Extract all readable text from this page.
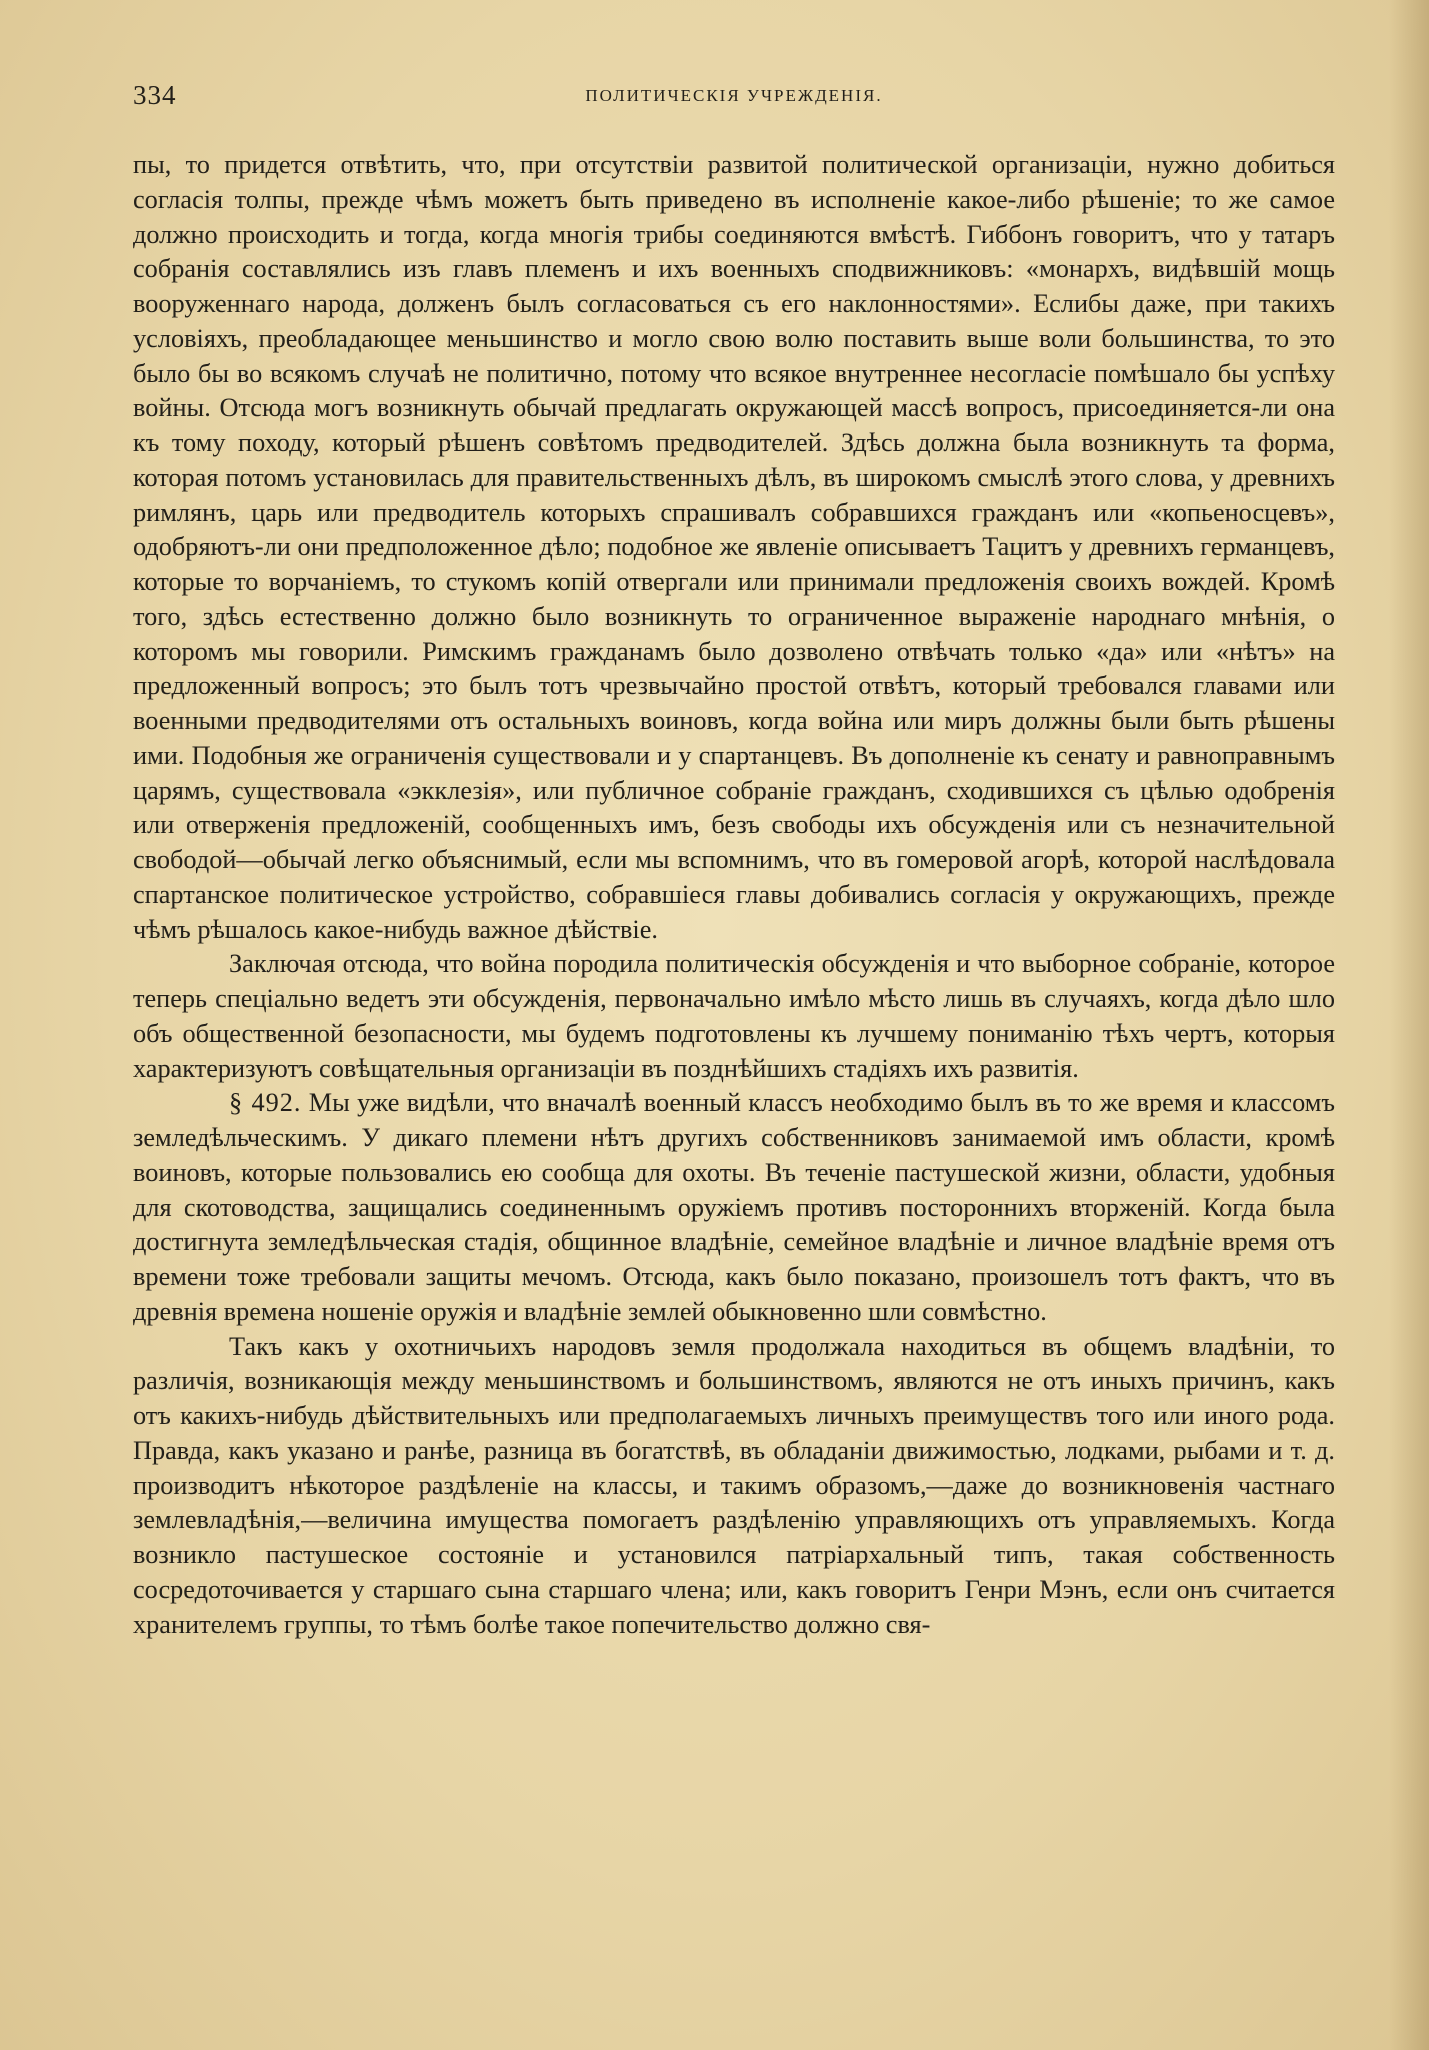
334	ПОЛИТИЧЕСКІЯ УЧРЕЖДЕНІЯ.

пы, то придется отвѣтить, что, при отсутствіи развитой политической организаціи, нужно добиться согласія толпы, прежде чѣмъ можетъ быть приведено въ исполненіе какое-либо рѣшеніе; то же самое должно происходить и тогда, когда многія трибы соединяются вмѣстѣ. Гиббонъ говоритъ, что у татаръ собранія составлялись изъ главъ племенъ и ихъ военныхъ сподвижниковъ: «монархъ, видѣвшій мощь вооруженнаго народа, долженъ былъ согласоваться съ его наклонностями». Еслибы даже, при такихъ условіяхъ, преобладающее меньшинство и могло свою волю поставить выше воли большинства, то это было бы во всякомъ случаѣ не политично, потому что всякое внутреннее несогласіе помѣшало бы успѣху войны. Отсюда могъ возникнуть обычай предлагать окружающей массѣ вопросъ, присоединяется-ли она къ тому походу, который рѣшенъ совѣтомъ предводителей. Здѣсь должна была возникнуть та форма, которая потомъ установилась для правительственныхъ дѣлъ, въ широкомъ смыслѣ этого слова, у древнихъ римлянъ, царь или предводитель которыхъ спрашивалъ собравшихся гражданъ или «копьеносцевъ», одобряютъ-ли они предположенное дѣло; подобное же явленіе описываетъ Тацитъ у древнихъ германцевъ, которые то ворчаніемъ, то стукомъ копій отвергали или принимали предложенія своихъ вождей. Кромѣ того, здѣсь естественно должно было возникнуть то ограниченное выраженіе народнаго мнѣнія, о которомъ мы говорили. Римскимъ гражданамъ было дозволено отвѣчать только «да» или «нѣтъ» на предложенный вопросъ; это былъ тотъ чрезвычайно простой отвѣтъ, который требовался главами или военными предводителями отъ остальныхъ воиновъ, когда война или миръ должны были быть рѣшены ими. Подобныя же ограниченія существовали и у спартанцевъ. Въ дополненіе къ сенату и равноправнымъ царямъ, существовала «экклезія», или публичное собраніе гражданъ, сходившихся съ цѣлью одобренія или отверженія предложеній, сообщенныхъ имъ, безъ свободы ихъ обсужденія или съ незначительной свободой—обычай легко объяснимый, если мы вспомнимъ, что въ гомеровой агорѣ, которой наслѣдовала спартанское политическое устройство, собравшіеся главы добивались согласія у окружающихъ, прежде чѣмъ рѣшалось какое-нибудь важное дѣйствіе.

Заключая отсюда, что война породила политическія обсужденія и что выборное собраніе, которое теперь спеціально ведетъ эти обсужденія, первоначально имѣло мѣсто лишь въ случаяхъ, когда дѣло шло объ общественной безопасности, мы будемъ подготовлены къ лучшему пониманію тѣхъ чертъ, которыя характеризуютъ совѣщательныя организаціи въ позднѣйшихъ стадіяхъ ихъ развитія.

§ 492. Мы уже видѣли, что вначалѣ военный классъ необходимо былъ въ то же время и классомъ земледѣльческимъ. У дикаго племени нѣтъ другихъ собственниковъ занимаемой имъ области, кромѣ воиновъ, которые пользовались ею сообща для охоты. Въ теченіе пастушеской жизни, области, удобныя для скотоводства, защищались соединеннымъ оружіемъ противъ постороннихъ вторженій. Когда была достигнута земледѣльческая стадія, общинное владѣніе, семейное владѣніе и личное владѣніе время отъ времени тоже требовали защиты мечомъ. Отсюда, какъ было показано, произошелъ тотъ фактъ, что въ древнія времена ношеніе оружія и владѣніе землей обыкновенно шли совмѣстно.

Такъ какъ у охотничьихъ народовъ земля продолжала находиться въ общемъ владѣніи, то различія, возникающія между меньшинствомъ и большинствомъ, являются не отъ иныхъ причинъ, какъ отъ какихъ-нибудь дѣйствительныхъ или предполагаемыхъ личныхъ преимуществъ того или иного рода. Правда, какъ указано и ранѣе, разница въ богатствѣ, въ обладаніи движимостью, лодками, рыбами и т. д. производитъ нѣкоторое раздѣленіе на классы, и такимъ образомъ,—даже до возникновенія частнаго землевладѣнія,—величина имущества помогаетъ раздѣленію управляющихъ отъ управляемыхъ. Когда возникло пастушеское состояніе и установился патріархальный типъ, такая собственность сосредоточивается у старшаго сына старшаго члена; или, какъ говоритъ Генри Мэнъ, если онъ считается хранителемъ группы, то тѣмъ болѣе такое попечительство должно свя-
